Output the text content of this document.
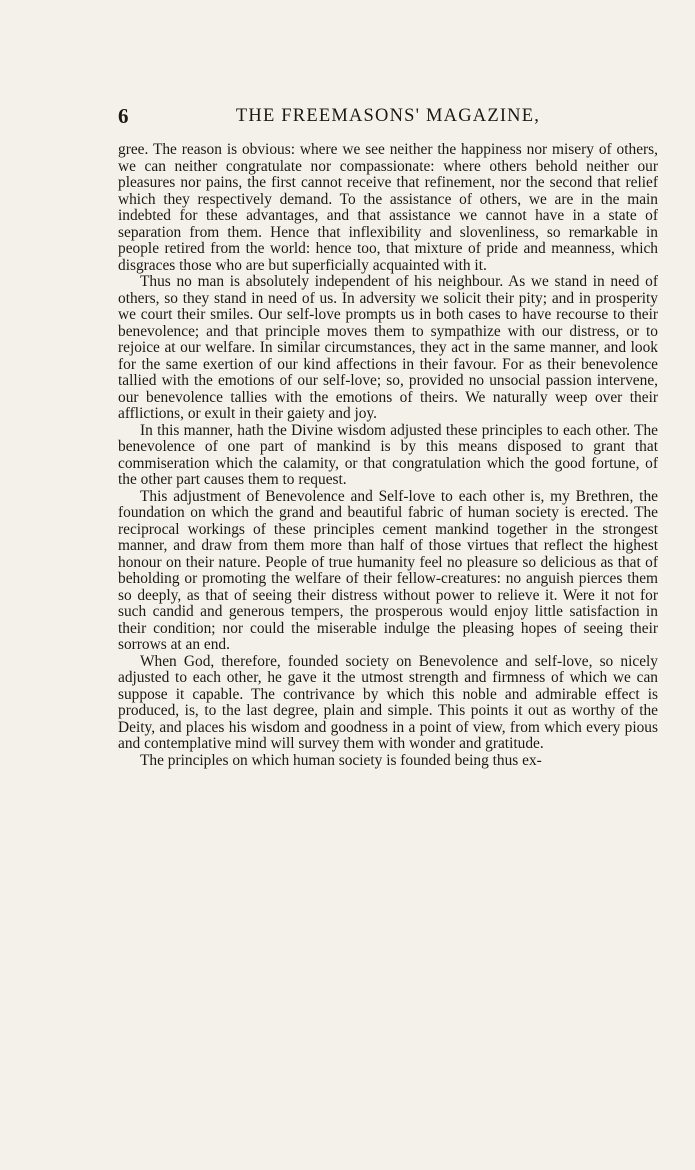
6	THE FREEMASONS' MAGAZINE,

gree. The reason is obvious: where we see neither the happiness nor misery of others, we can neither congratulate nor compassionate: where others behold neither our pleasures nor pains, the first cannot receive that refinement, nor the second that relief which they respectively demand. To the assistance of others, we are in the main indebted for these advantages, and that assistance we cannot have in a state of separation from them. Hence that inflexibility and slovenliness, so remarkable in people retired from the world: hence too, that mixture of pride and meanness, which disgraces those who are but superficially acquainted with it.

Thus no man is absolutely independent of his neighbour. As we stand in need of others, so they stand in need of us. In adversity we solicit their pity; and in prosperity we court their smiles. Our self-love prompts us in both cases to have recourse to their benevolence; and that principle moves them to sympathize with our distress, or to rejoice at our welfare. In similar circumstances, they act in the same manner, and look for the same exertion of our kind affections in their favour. For as their benevolence tallied with the emotions of our self-love; so, provided no unsocial passion intervene, our benevolence tallies with the emotions of theirs. We naturally weep over their afflictions, or exult in their gaiety and joy.

In this manner, hath the Divine wisdom adjusted these principles to each other. The benevolence of one part of mankind is by this means disposed to grant that commiseration which the calamity, or that congratulation which the good fortune, of the other part causes them to request.

This adjustment of Benevolence and Self-love to each other is, my Brethren, the foundation on which the grand and beautiful fabric of human society is erected. The reciprocal workings of these principles cement mankind together in the strongest manner, and draw from them more than half of those virtues that reflect the highest honour on their nature. People of true humanity feel no pleasure so delicious as that of beholding or promoting the welfare of their fellow-creatures: no anguish pierces them so deeply, as that of seeing their distress without power to relieve it. Were it not for such candid and generous tempers, the prosperous would enjoy little satisfaction in their condition; nor could the miserable indulge the pleasing hopes of seeing their sorrows at an end.

When God, therefore, founded society on Benevolence and self-love, so nicely adjusted to each other, he gave it the utmost strength and firmness of which we can suppose it capable. The contrivance by which this noble and admirable effect is produced, is, to the last degree, plain and simple. This points it out as worthy of the Deity, and places his wisdom and goodness in a point of view, from which every pious and contemplative mind will survey them with wonder and gratitude.

The principles on which human society is founded being thus ex-
